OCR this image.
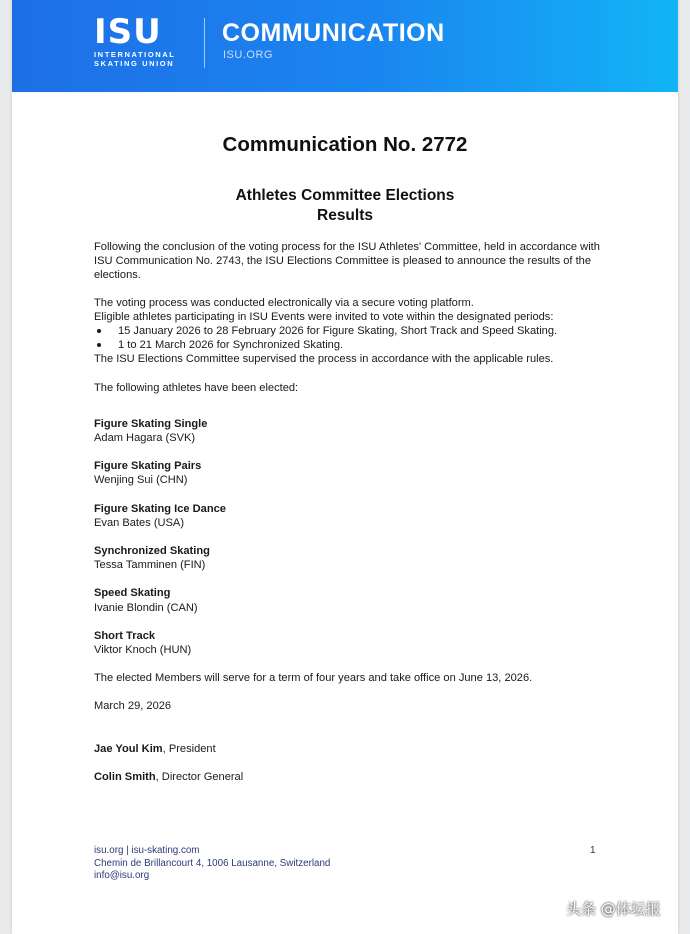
ISU
INTERNATIONAL
SKATING UNION
COMMUNICATION
ISU.ORG
Communication No. 2772
Athletes Committee Elections
Results

Following the conclusion of the voting process for the ISU Athletes' Committee, held in accordance with ISU Communication No. 2743, the ISU Elections Committee is pleased to announce the results of the elections.

The voting process was conducted electronically via a secure voting platform.

Eligible athletes participating in ISU Events were invited to vote within the designated periods:

15 January 2026 to 28 February 2026 for Figure Skating, Short Track and Speed Skating.
1 to 21 March 2026 for Synchronized Skating.

The ISU Elections Committee supervised the process in accordance with the applicable rules.

The following athletes have been elected:

Figure Skating Single
Adam Hagara (SVK)
Figure Skating Pairs
Wenjing Sui (CHN)
Figure Skating Ice Dance
Evan Bates (USA)
Synchronized Skating
Tessa Tamminen (FIN)
Speed Skating
Ivanie Blondin (CAN)
Short Track
Viktor Knoch (HUN)

The elected Members will serve for a term of four years and take office on June 13, 2026.

March 29, 2026

Jae Youl Kim, President

Colin Smith, Director General

isu.org | isu-skating.com
Chemin de Brillancourt 4, 1006 Lausanne, Switzerland
info@isu.org
1
头条 @体坛报
